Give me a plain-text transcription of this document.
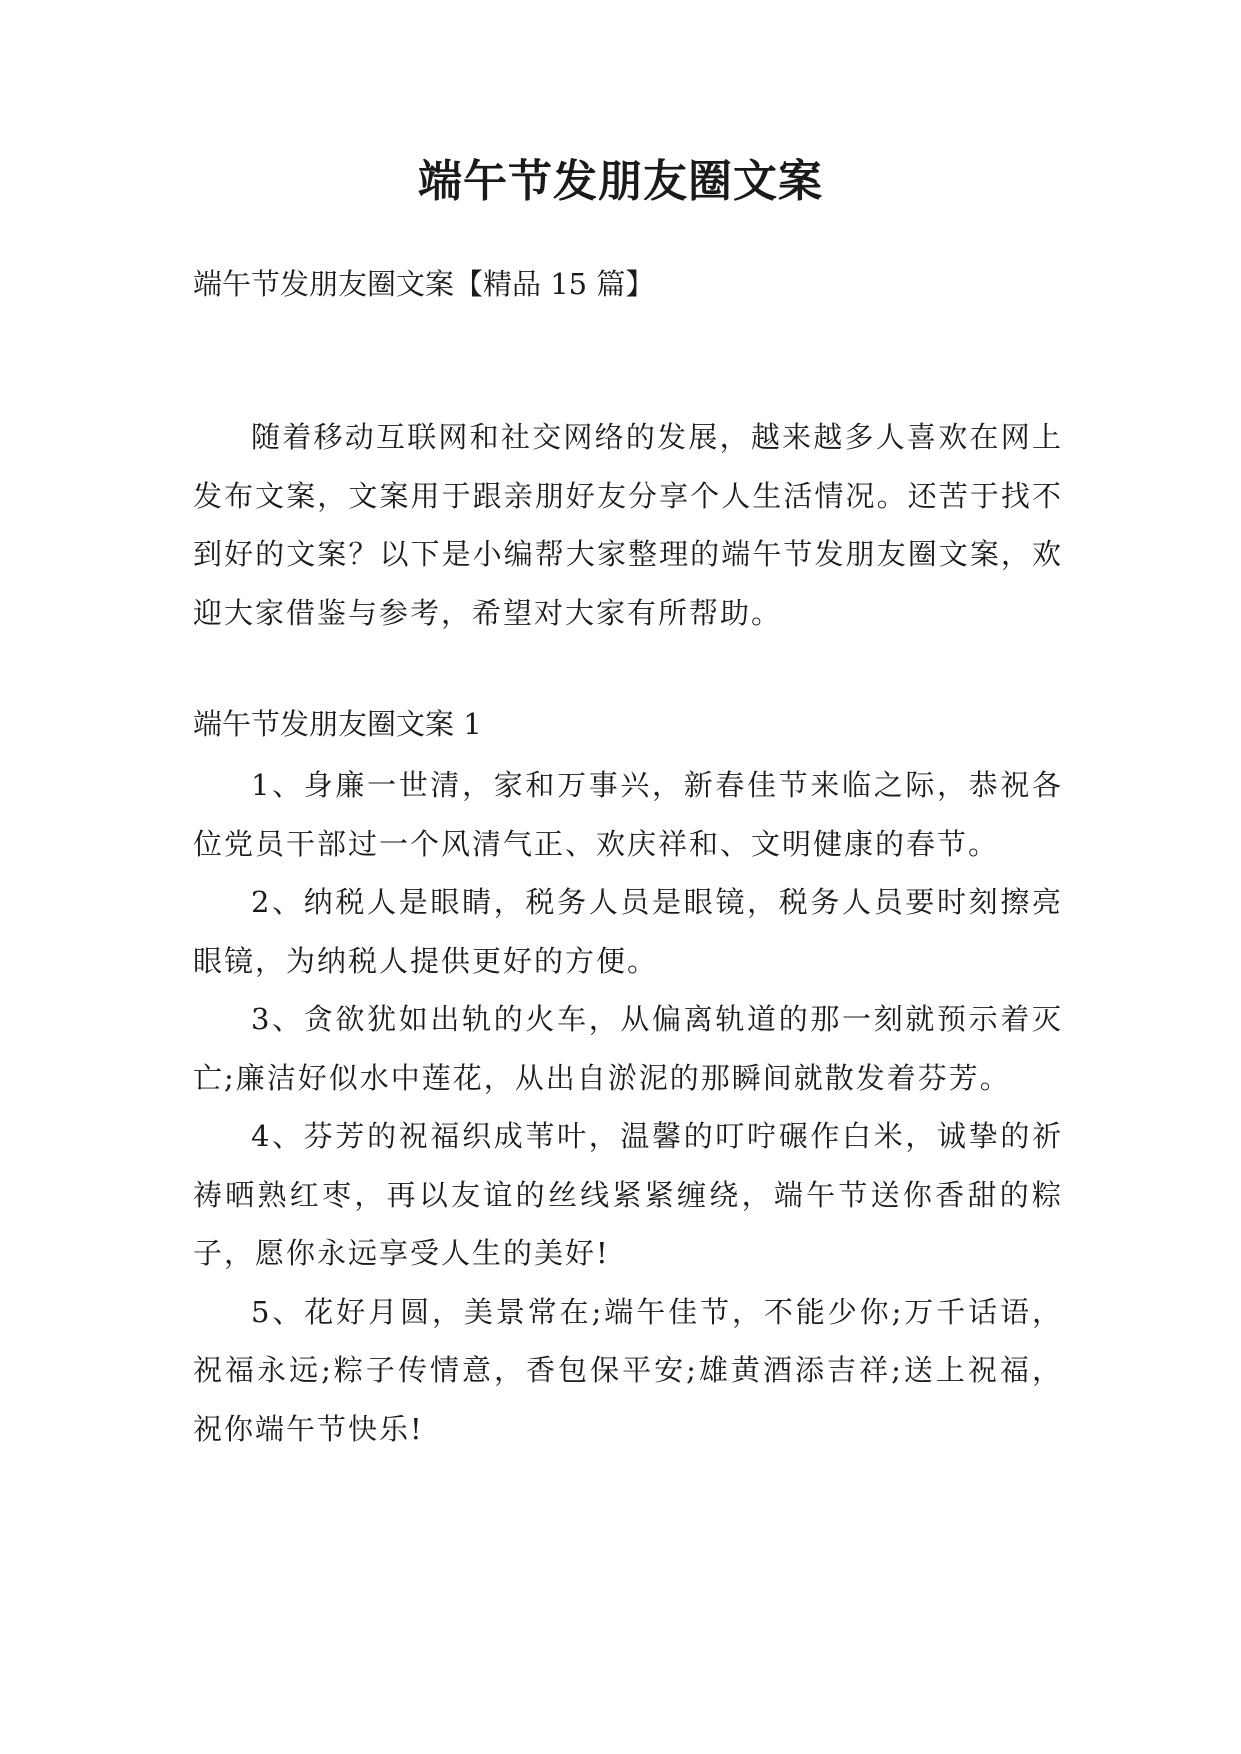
端午节发朋友圈文案

端午节发朋友圈文案【精品 15 篇】

随着移动互联网和社交网络的发展，越来越多人喜欢在网上发布文案，文案用于跟亲朋好友分享个人生活情况。还苦于找不到好的文案？以下是小编帮大家整理的端午节发朋友圈文案，欢迎大家借鉴与参考，希望对大家有所帮助。

端午节发朋友圈文案 1

1、身廉一世清，家和万事兴，新春佳节来临之际，恭祝各位党员干部过一个风清气正、欢庆祥和、文明健康的春节。
2、纳税人是眼睛，税务人员是眼镜，税务人员要时刻擦亮眼镜，为纳税人提供更好的方便。
3、贪欲犹如出轨的火车，从偏离轨道的那一刻就预示着灭亡;廉洁好似水中莲花，从出自淤泥的那瞬间就散发着芬芳。
4、芬芳的祝福织成苇叶，温馨的叮咛碾作白米，诚挚的祈祷晒熟红枣，再以友谊的丝线紧紧缠绕，端午节送你香甜的粽子，愿你永远享受人生的美好!
5、花好月圆，美景常在;端午佳节，不能少你;万千话语，祝福永远;粽子传情意，香包保平安;雄黄酒添吉祥;送上祝福，祝你端午节快乐!
